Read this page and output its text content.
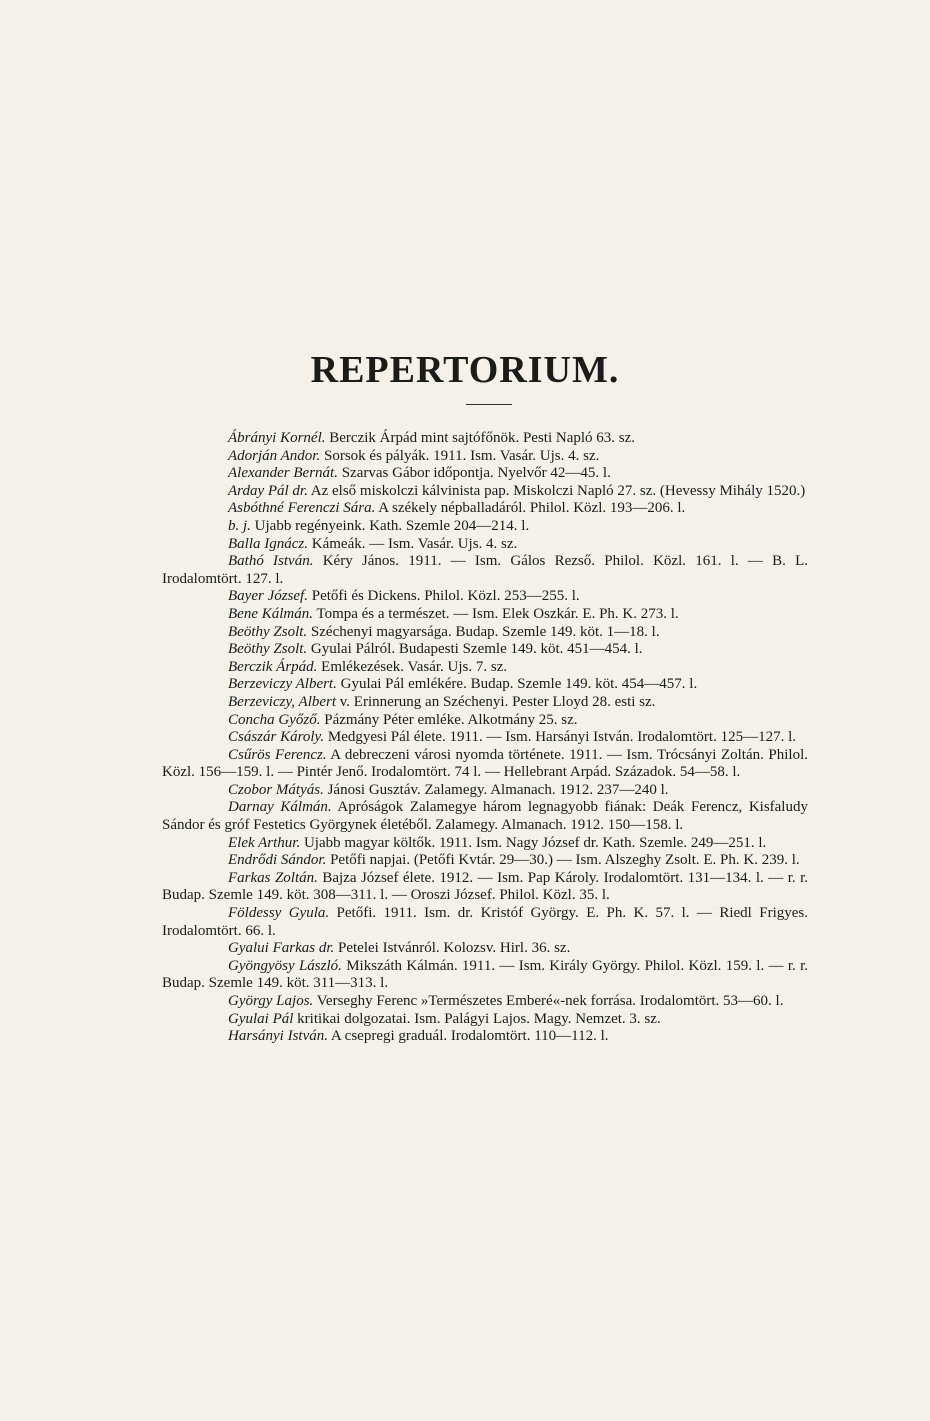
REPERTORIUM.

Ábrányi Kornél. Berczik Árpád mint sajtófőnök. Pesti Napló 63. sz.

Adorján Andor. Sorsok és pályák. 1911. Ism. Vasár. Ujs. 4. sz.

Alexander Bernát. Szarvas Gábor időpontja. Nyelvőr 42—45. l.

Arday Pál dr. Az első miskolczi kálvinista pap. Miskolczi Napló 27. sz. (Hevessy Mihály 1520.)

Asbóthné Ferenczi Sára. A székely népballadáról. Philol. Közl. 193—206. l.

b. j. Ujabb regényeink. Kath. Szemle 204—214. l.

Balla Ignácz. Kámeák. — Ism. Vasár. Ujs. 4. sz.

Bathó István. Kéry János. 1911. — Ism. Gálos Rezső. Philol. Közl. 161. l. — B. L. Irodalomtört. 127. l.

Bayer József. Petőfi és Dickens. Philol. Közl. 253—255. l.

Bene Kálmán. Tompa és a természet. — Ism. Elek Oszkár. E. Ph. K. 273. l.

Beöthy Zsolt. Széchenyi magyarsága. Budap. Szemle 149. köt. 1—18. l.

Beöthy Zsolt. Gyulai Pálról. Budapesti Szemle 149. köt. 451—454. l.

Berczik Árpád. Emlékezések. Vasár. Ujs. 7. sz.

Berzeviczy Albert. Gyulai Pál emlékére. Budap. Szemle 149. köt. 454—457. l.

Berzeviczy, Albert v. Erinnerung an Széchenyi. Pester Lloyd 28. esti sz.

Concha Győző. Pázmány Péter emléke. Alkotmány 25. sz.

Császár Károly. Medgyesi Pál élete. 1911. — Ism. Harsányi István. Irodalomtört. 125—127. l.

Csűrös Ferencz. A debreczeni városi nyomda története. 1911. — Ism. Trócsányi Zoltán. Philol. Közl. 156—159. l. — Pintér Jenő. Irodalomtört. 74 l. — Hellebrant Arpád. Századok. 54—58. l.

Czobor Mátyás. Jánosi Gusztáv. Zalamegy. Almanach. 1912. 237—240 l.

Darnay Kálmán. Apróságok Zalamegye három legnagyobb fiának: Deák Ferencz, Kisfaludy Sándor és gróf Festetics Györgynek életéből. Zalamegy. Almanach. 1912. 150—158. l.

Elek Arthur. Ujabb magyar költők. 1911. Ism. Nagy József dr. Kath. Szemle. 249—251. l.

Endrődi Sándor. Petőfi napjai. (Petőfi Kvtár. 29—30.) — Ism. Alszeghy Zsolt. E. Ph. K. 239. l.

Farkas Zoltán. Bajza József élete. 1912. — Ism. Pap Károly. Irodalomtört. 131—134. l. — r. r. Budap. Szemle 149. köt. 308—311. l. — Oroszi József. Philol. Közl. 35. l.

Földessy Gyula. Petőfi. 1911. Ism. dr. Kristóf György. E. Ph. K. 57. l. — Riedl Frigyes. Irodalomtört. 66. l.

Gyalui Farkas dr. Petelei Istvánról. Kolozsv. Hirl. 36. sz.

Gyöngyösy László. Mikszáth Kálmán. 1911. — Ism. Király György. Philol. Közl. 159. l. — r. r. Budap. Szemle 149. köt. 311—313. l.

György Lajos. Verseghy Ferenc »Természetes Emberé«-nek forrása. Irodalomtört. 53—60. l.

Gyulai Pál kritikai dolgozatai. Ism. Palágyi Lajos. Magy. Nemzet. 3. sz.

Harsányi István. A csepregi graduál. Irodalomtört. 110—112. l.
